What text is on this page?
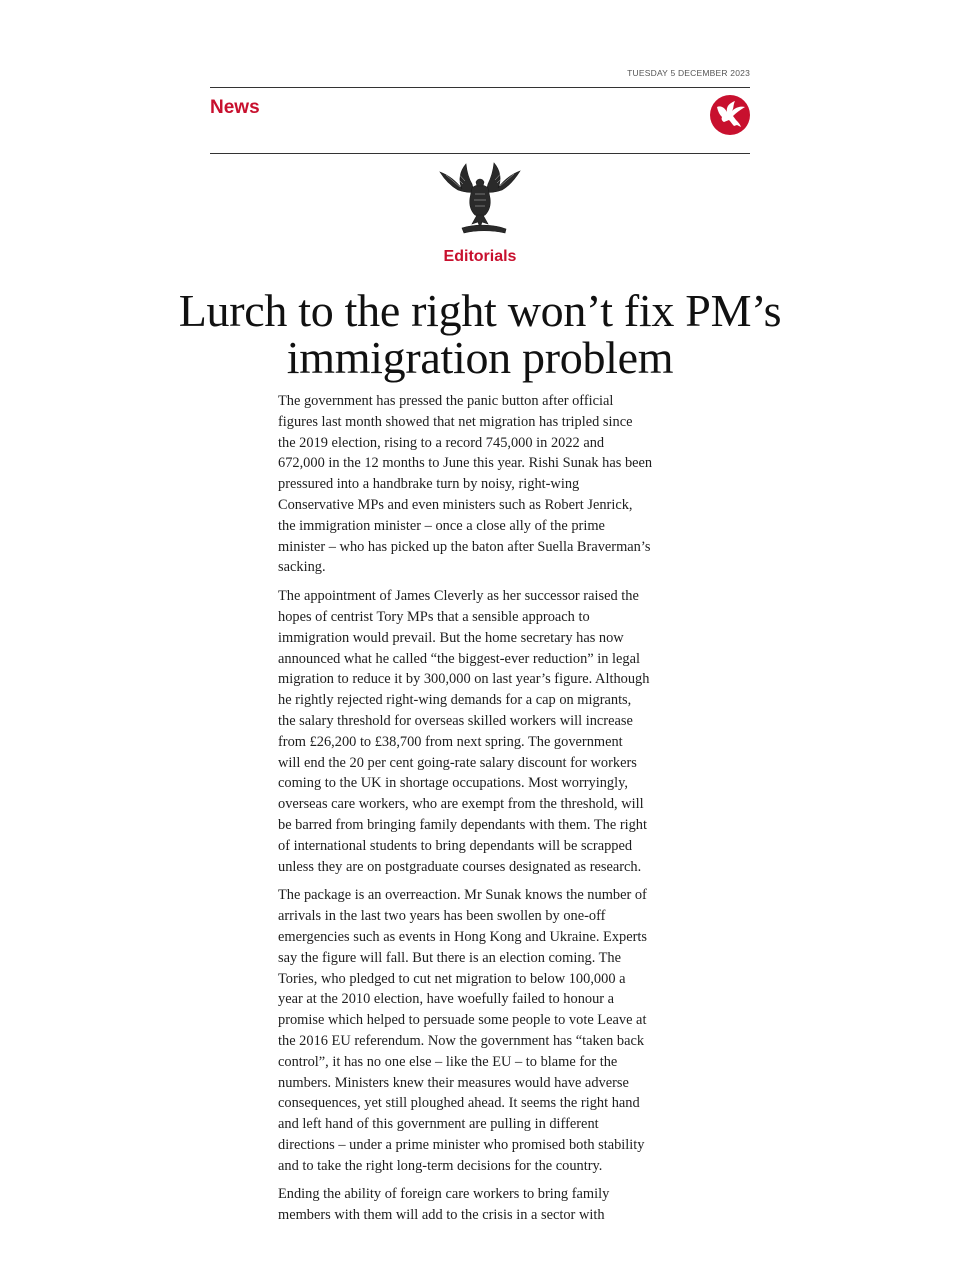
TUESDAY 5 DECEMBER 2023
News
Editorials
Lurch to the right won’t fix PM’s immigration problem

The government has pressed the panic button after official
figures last month showed that net migration has tripled since
the 2019 election, rising to a record 745,000 in 2022 and
672,000 in the 12 months to June this year. Rishi Sunak has been
pressured into a handbrake turn by noisy, right-wing
Conservative MPs and even ministers such as Robert Jenrick,
the immigration minister – once a close ally of the prime
minister – who has picked up the baton after Suella Braverman’s
sacking.

The appointment of James Cleverly as her successor raised the
hopes of centrist Tory MPs that a sensible approach to
immigration would prevail. But the home secretary has now
announced what he called “the biggest-ever reduction” in legal
migration to reduce it by 300,000 on last year’s figure. Although
he rightly rejected right-wing demands for a cap on migrants,
the salary threshold for overseas skilled workers will increase
from £26,200 to £38,700 from next spring. The government
will end the 20 per cent going-rate salary discount for workers
coming to the UK in shortage occupations. Most worryingly,
overseas care workers, who are exempt from the threshold, will
be barred from bringing family dependants with them. The right
of international students to bring dependants will be scrapped
unless they are on postgraduate courses designated as research.

The package is an overreaction. Mr Sunak knows the number of
arrivals in the last two years has been swollen by one-off
emergencies such as events in Hong Kong and Ukraine. Experts
say the figure will fall. But there is an election coming. The
Tories, who pledged to cut net migration to below 100,000 a
year at the 2010 election, have woefully failed to honour a
promise which helped to persuade some people to vote Leave at
the 2016 EU referendum. Now the government has “taken back
control”, it has no one else – like the EU – to blame for the
numbers. Ministers knew their measures would have adverse
consequences, yet still ploughed ahead. It seems the right hand
and left hand of this government are pulling in different
directions – under a prime minister who promised both stability
and to take the right long-term decisions for the country.

Ending the ability of foreign care workers to bring family
members with them will add to the crisis in a sector with
